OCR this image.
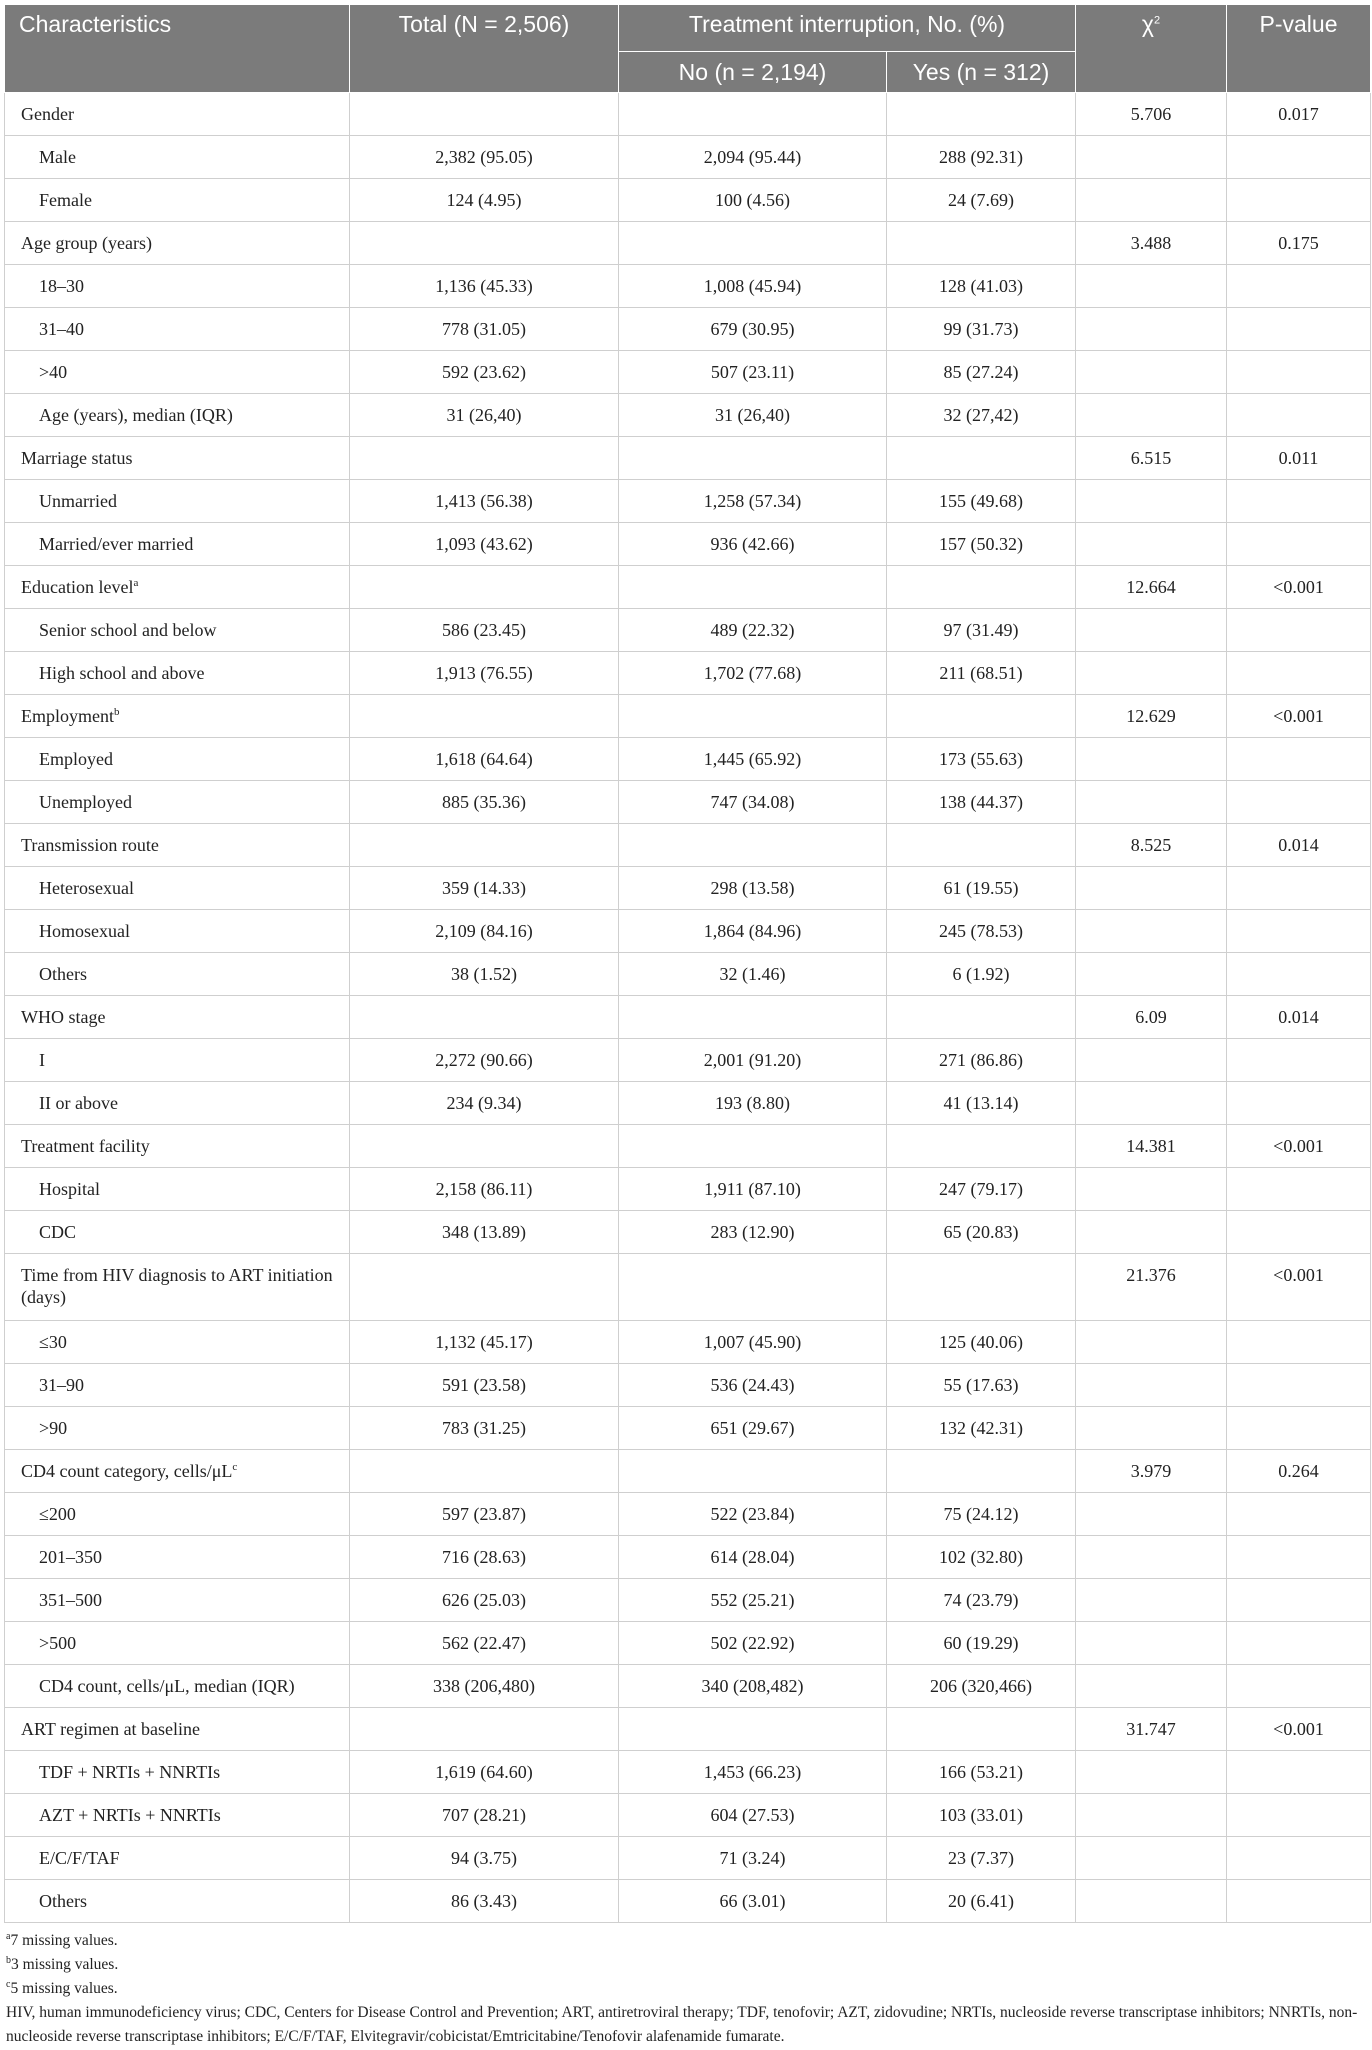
Characteristics	Total (N = 2,506)	Treatment interruption, No. (%)		$\chi^2$	P-value
		No (n = 2,194)	Yes (n = 312)		

Gender				5.706	0.017

Male	2,382 (95.05)	2,094 (95.44)	288 (92.31)		

Female	124 (4.95)	100 (4.56)	24 (7.69)		

Age group (years)				3.488	0.175

18–30	1,136 (45.33)	1,008 (45.94)	128 (41.03)		

31–40	778 (31.05)	679 (30.95)	99 (31.73)		

>40	592 (23.62)	507 (23.11)	85 (27.24)		

Age (years), median (IQR)	31 (26,40)	31 (26,40)	32 (27,42)		

Marriage status				6.515	0.011

Unmarried	1,413 (56.38)	1,258 (57.34)	155 (49.68)		

Married/ever married	1,093 (43.62)	936 (42.66)	157 (50.32)		

Education level$^a$				12.664	<0.001

Senior school and below	586 (23.45)	489 (22.32)	97 (31.49)		

High school and above	1,913 (76.55)	1,702 (77.68)	211 (68.51)		

Employment$^b$				12.629	<0.001

Employed	1,618 (64.64)	1,445 (65.92)	173 (55.63)		

Unemployed	885 (35.36)	747 (34.08)	138 (44.37)		

Transmission route				8.525	0.014

Heterosexual	359 (14.33)	298 (13.58)	61 (19.55)		

Homosexual	2,109 (84.16)	1,864 (84.96)	245 (78.53)		

Others	38 (1.52)	32 (1.46)	6 (1.92)		

WHO stage				6.09	0.014

I	2,272 (90.66)	2,001 (91.20)	271 (86.86)		

II or above	234 (9.34)	193 (8.80)	41 (13.14)		

Treatment facility				14.381	<0.001

Hospital	2,158 (86.11)	1,911 (87.10)	247 (79.17)		

CDC	348 (13.89)	283 (12.90)	65 (20.83)		

Time from HIV diagnosis to ART initiation (days)				21.376	<0.001

≤30	1,132 (45.17)	1,007 (45.90)	125 (40.06)		

31–90	591 (23.58)	536 (24.43)	55 (17.63)		

>90	783 (31.25)	651 (29.67)	132 (42.31)		

CD4 count category, cells/$\mu L^c$				3.979	0.264

≤200	597 (23.87)	522 (23.84)	75 (24.12)		

201–350	716 (28.63)	614 (28.04)	102 (32.80)		

351–500	626 (25.03)	552 (25.21)	74 (23.79)		

>500	562 (22.47)	502 (22.92)	60 (19.29)		

CD4 count, cells/μL, median (IQR)	338 (206,480)	340 (208,482)	206 (320,466)		

ART regimen at baseline				31.747	<0.001

TDF + NRTIs + NNRTIs	1,619 (64.60)	1,453 (66.23)	166 (53.21)		

AZT + NRTIs + NNRTIs	707 (28.21)	604 (27.53)	103 (33.01)		

E/C/F/TAF	94 (3.75)	71 (3.24)	23 (7.37)		

Others	86 (3.43)	66 (3.01)	20 (6.41)		

$^a$7 missing values.
$^b$3 missing values.
$^c$5 missing values.
HIV, human immunodeficiency virus; CDC, Centers for Disease Control and Prevention; ART, antiretroviral therapy; TDF, tenofovir; AZT, zidovudine; NRTIs, nucleoside reverse transcriptase inhibitors; NNRTIs, non-nucleoside reverse transcriptase inhibitors; E/C/F/TAF, Elvitegravir/cobicistat/Emtricitabine/Tenofovir alafenamide fumarate.
